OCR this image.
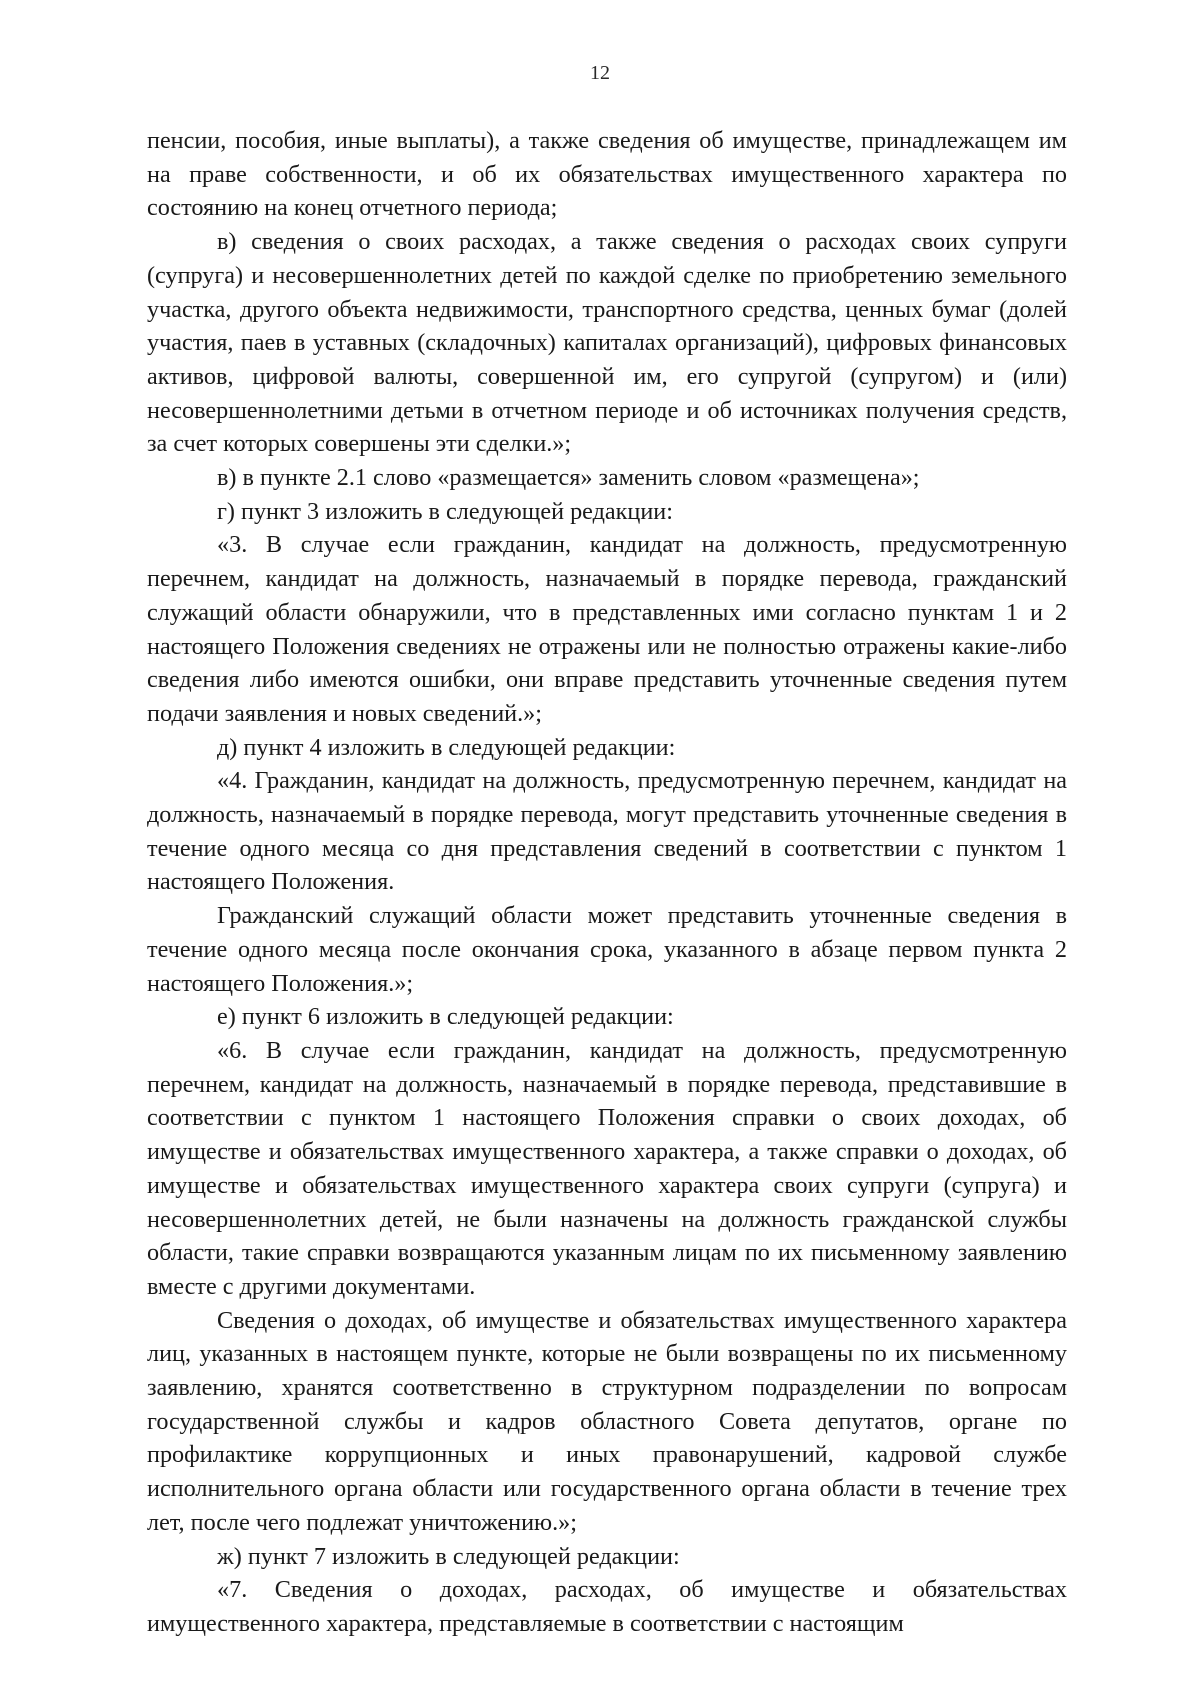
12

пенсии, пособия, иные выплаты), а также сведения об имуществе, принадлежащем им на праве собственности, и об их обязательствах имущественного характера по состоянию на конец отчетного периода;

в) сведения о своих расходах, а также сведения о расходах своих супруги (супруга) и несовершеннолетних детей по каждой сделке по приобретению земельного участка, другого объекта недвижимости, транспортного средства, ценных бумаг (долей участия, паев в уставных (складочных) капиталах организаций), цифровых финансовых активов, цифровой валюты, совершенной им, его супругой (супругом) и (или) несовершеннолетними детьми в отчетном периоде и об источниках получения средств, за счет которых совершены эти сделки.»;

в) в пункте 2.1 слово «размещается» заменить словом «размещена»;

г) пункт 3 изложить в следующей редакции:

«3. В случае если гражданин, кандидат на должность, предусмотренную перечнем, кандидат на должность, назначаемый в порядке перевода, гражданский служащий области обнаружили, что в представленных ими согласно пунктам 1 и 2 настоящего Положения сведениях не отражены или не полностью отражены какие-либо сведения либо имеются ошибки, они вправе представить уточненные сведения путем подачи заявления и новых сведений.»;

д) пункт 4 изложить в следующей редакции:

«4. Гражданин, кандидат на должность, предусмотренную перечнем, кандидат на должность, назначаемый в порядке перевода, могут представить уточненные сведения в течение одного месяца со дня представления сведений в соответствии с пунктом 1 настоящего Положения.

Гражданский служащий области может представить уточненные сведения в течение одного месяца после окончания срока, указанного в абзаце первом пункта 2 настоящего Положения.»;

е) пункт 6 изложить в следующей редакции:

«6. В случае если гражданин, кандидат на должность, предусмотренную перечнем, кандидат на должность, назначаемый в порядке перевода, представившие в соответствии с пунктом 1 настоящего Положения справки о своих доходах, об имуществе и обязательствах имущественного характера, а также справки о доходах, об имуществе и обязательствах имущественного характера своих супруги (супруга) и несовершеннолетних детей, не были назначены на должность гражданской службы области, такие справки возвращаются указанным лицам по их письменному заявлению вместе с другими документами.

Сведения о доходах, об имуществе и обязательствах имущественного характера лиц, указанных в настоящем пункте, которые не были возвращены по их письменному заявлению, хранятся соответственно в структурном подразделении по вопросам государственной службы и кадров областного Совета депутатов, органе по профилактике коррупционных и иных правонарушений, кадровой службе исполнительного органа области или государственного органа области в течение трех лет, после чего подлежат уничтожению.»;

ж) пункт 7 изложить в следующей редакции:

«7. Сведения о доходах, расходах, об имуществе и обязательствах имущественного характера, представляемые в соответствии с настоящим
